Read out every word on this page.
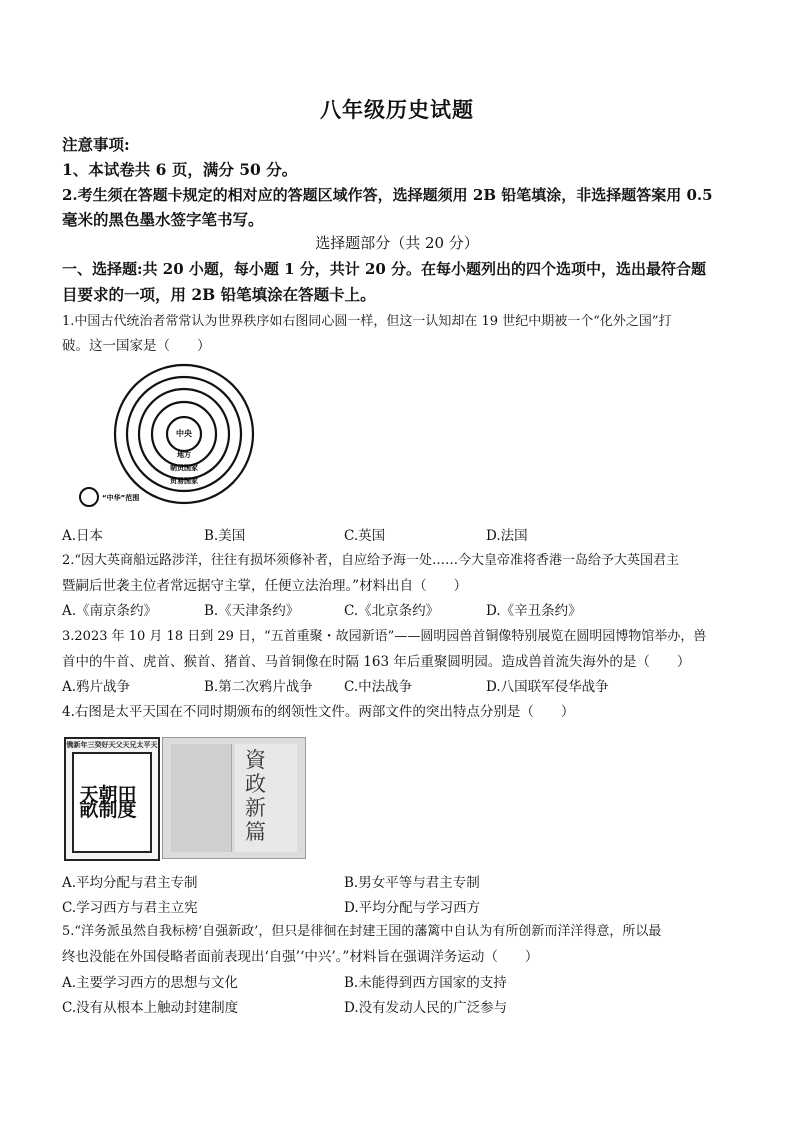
八年级历史试题
注意事项:
1、本试卷共 6 页，满分 50 分。
2.考生须在答题卡规定的相对应的答题区域作答，选择题须用 2B 铅笔填涂，非选择题答案用 0.5
毫米的黑色墨水签字笔书写。
选择题部分（共 20 分）
一、选择题:共 20 小题，每小题 1 分，共计 20 分。在每小题列出的四个选项中，选出最符合题
目要求的一项，用 2B 铅笔填涂在答题卡上。
1.中国古代统治者常常认为世界秩序如右图同心圆一样，但这一认知却在 19 世纪中期被一个“化外之国”打
破。这一国家是（　　）
中央
地方
朝贡国家
贸易国家
“中华”范围
A.日本	B.美国	C.英国	D.法国
2.“因大英商船远路涉洋，往往有损坏须修补者，自应给予海一处……今大皇帝准将香港一岛给予大英国君主
暨嗣后世袭主位者常远据守主掌，任便立法治理。”材料出自（　　）
A.《南京条约》	B.《天津条约》	C.《北京条约》	D.《辛丑条约》
3.2023 年 10 月 18 日到 29 日，“五首重聚・故园新语”——圆明园兽首铜像特别展览在圆明园博物馆举办，兽
首中的牛首、虎首、猴首、猪首、马首铜像在时隔 163 年后重聚圆明园。造成兽首流失海外的是（　　）
A.鸦片战争	B.第二次鸦片战争 C.中法战争	D.八国联军侵华战争
4.右图是太平天国在不同时期颁布的纲领性文件。两部文件的突出特点分别是（　　）
镌新年三癸好天父天兄太平天
天朝田畝制度
資政新篇
A.平均分配与君主专制	B.男女平等与君主专制
C.学习西方与君主立宪	D.平均分配与学习西方
5.“洋务派虽然自我标榜‘自强新政’，但只是徘徊在封建王国的藩篱中自认为有所创新而洋洋得意，所以最
终也没能在外国侵略者面前表现出‘自强’‘中兴’。”材料旨在强调洋务运动（　　）
A.主要学习西方的思想与文化	B.未能得到西方国家的支持
C.没有从根本上触动封建制度	D.没有发动人民的广泛参与
